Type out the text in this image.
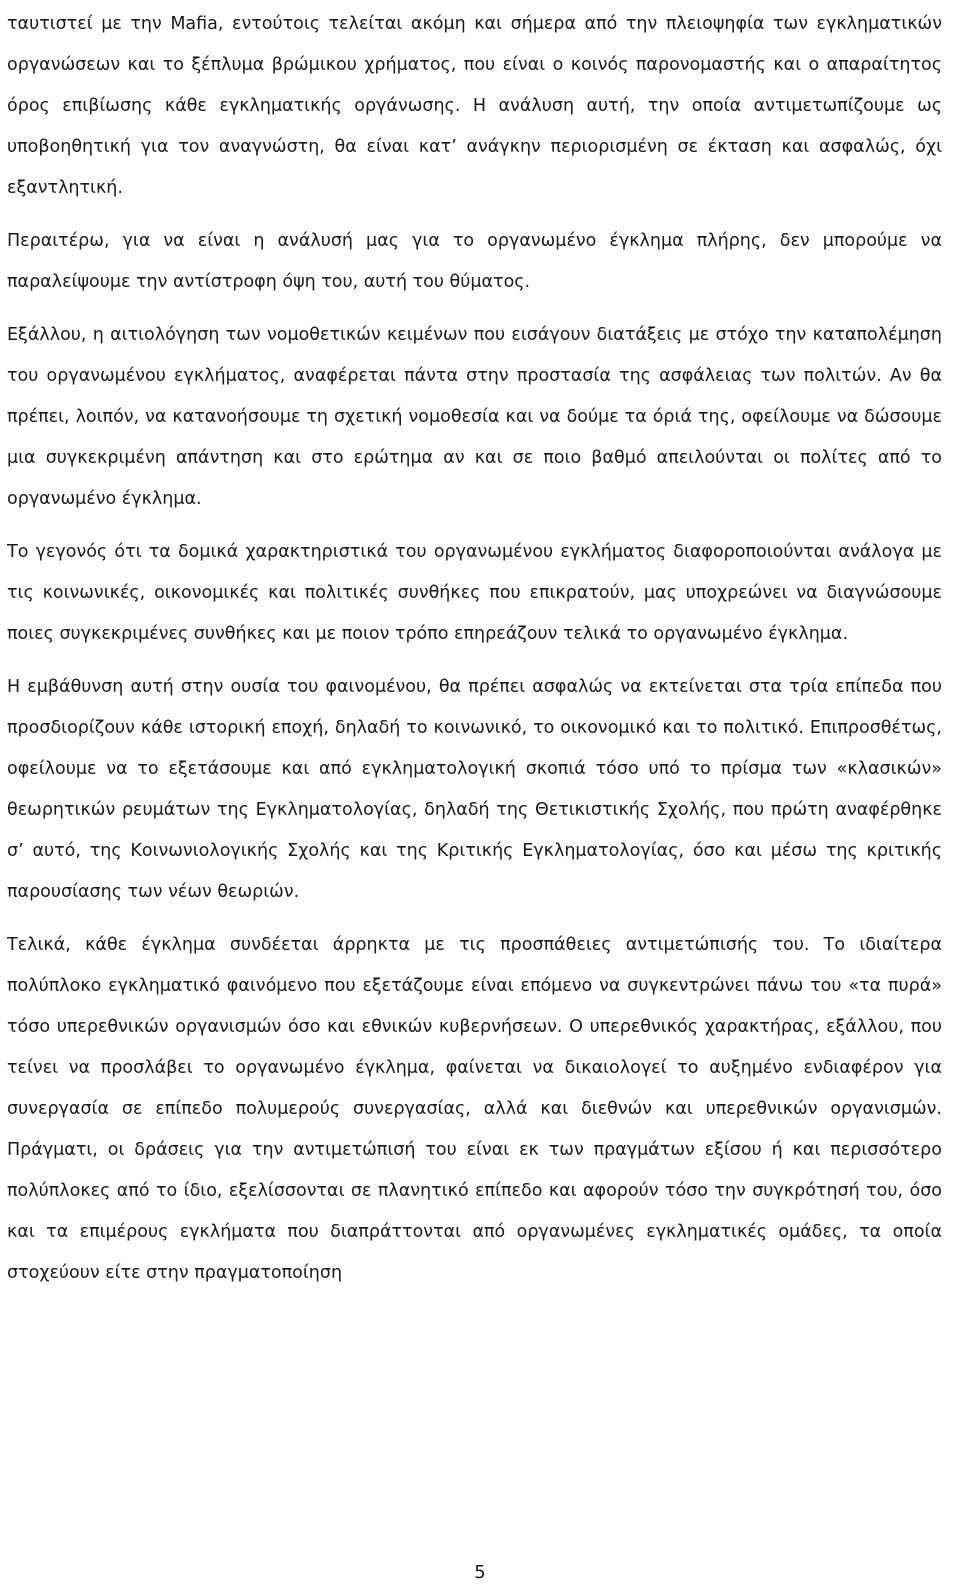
ταυτιστεί με την Mafia, εντούτοις τελείται ακόμη και σήμερα από την πλειοψηφία των εγκληματικών οργανώσεων και το ξέπλυμα βρώμικου χρήματος, που είναι ο κοινός παρονομαστής και ο απαραίτητος όρος επιβίωσης κάθε εγκληματικής οργάνωσης. Η ανάλυση αυτή, την οποία αντιμετωπίζουμε ως υποβοηθητική για τον αναγνώστη, θα είναι κατ’ ανάγκην περιορισμένη σε έκταση και ασφαλώς, όχι εξαντλητική.

Περαιτέρω, για να είναι η ανάλυσή μας για το οργανωμένο έγκλημα πλήρης, δεν μπορούμε να παραλείψουμε την αντίστροφη όψη του, αυτή του θύματος.

Εξάλλου, η αιτιολόγηση των νομοθετικών κειμένων που εισάγουν διατάξεις με στόχο την καταπολέμηση του οργανωμένου εγκλήματος, αναφέρεται πάντα στην προστασία της ασφάλειας των πολιτών. Αν θα πρέπει, λοιπόν, να κατανοήσουμε τη σχετική νομοθεσία και να δούμε τα όριά της, οφείλουμε να δώσουμε μια συγκεκριμένη απάντηση και στο ερώτημα αν και σε ποιο βαθμό απειλούνται οι πολίτες από το οργανωμένο έγκλημα.

Το γεγονός ότι τα δομικά χαρακτηριστικά του οργανωμένου εγκλήματος διαφοροποιούνται ανάλογα με τις κοινωνικές, οικονομικές και πολιτικές συνθήκες που επικρατούν, μας υποχρεώνει να διαγνώσουμε ποιες συγκεκριμένες συνθήκες και με ποιον τρόπο επηρεάζουν τελικά το οργανωμένο έγκλημα.

Η εμβάθυνση αυτή στην ουσία του φαινομένου, θα πρέπει ασφαλώς να εκτείνεται στα τρία επίπεδα που προσδιορίζουν κάθε ιστορική εποχή, δηλαδή το κοινωνικό, το οικονομικό και το πολιτικό. Επιπροσθέτως, οφείλουμε να το εξετάσουμε και από εγκληματολογική σκοπιά τόσο υπό το πρίσμα των «κλασικών» θεωρητικών ρευμάτων της Εγκληματολογίας, δηλαδή της Θετικιστικής Σχολής, που πρώτη αναφέρθηκε σ’ αυτό, της Κοινωνιολογικής Σχολής και της Κριτικής Εγκληματολογίας, όσο και μέσω της κριτικής παρουσίασης των νέων θεωριών.

Τελικά, κάθε έγκλημα συνδέεται άρρηκτα με τις προσπάθειες αντιμετώπισής του. Το ιδιαίτερα πολύπλοκο εγκληματικό φαινόμενο που εξετάζουμε είναι επόμενο να συγκεντρώνει πάνω του «τα πυρά» τόσο υπερεθνικών οργανισμών όσο και εθνικών κυβερνήσεων. Ο υπερεθνικός χαρακτήρας, εξάλλου, που τείνει να προσλάβει το οργανωμένο έγκλημα, φαίνεται να δικαιολογεί το αυξημένο ενδιαφέρον για συνεργασία σε επίπεδο πολυμερούς συνεργασίας, αλλά και διεθνών και υπερεθνικών οργανισμών. Πράγματι, οι δράσεις για την αντιμετώπισή του είναι εκ των πραγμάτων εξίσου ή και περισσότερο πολύπλοκες από το ίδιο, εξελίσσονται σε πλανητικό επίπεδο και αφορούν τόσο την συγκρότησή του, όσο και τα επιμέρους εγκλήματα που διαπράττονται από οργανωμένες εγκληματικές ομάδες, τα οποία στοχεύουν είτε στην πραγματοποίηση

5
